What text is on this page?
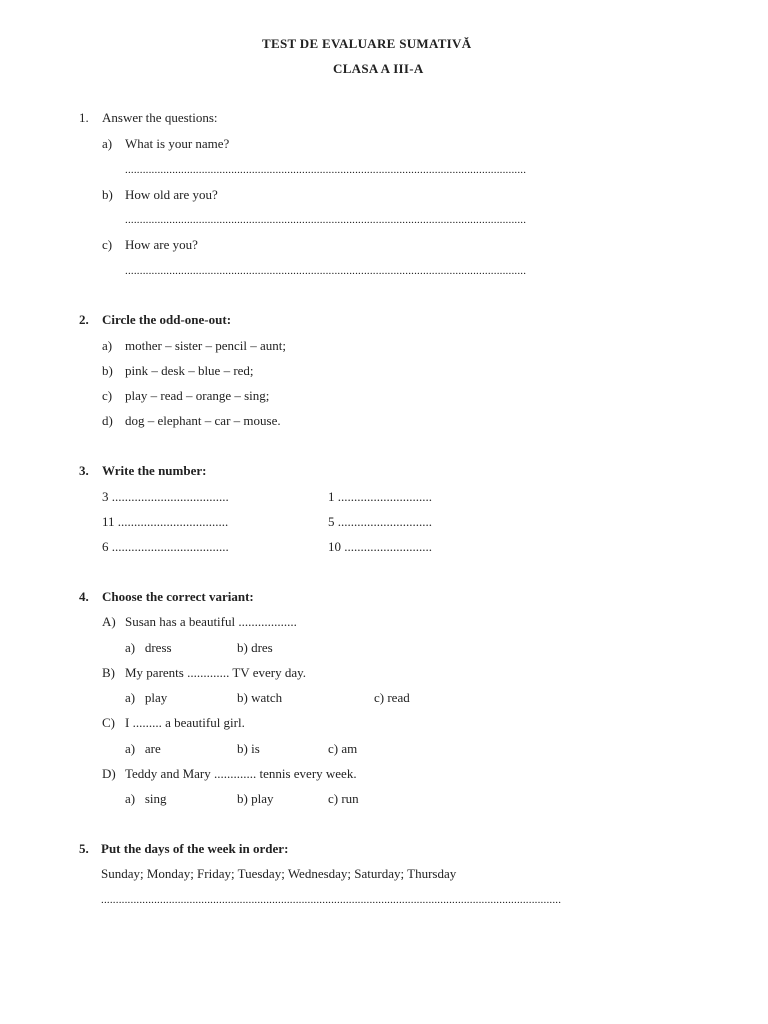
TEST DE EVALUARE SUMATIVĂ
CLASA A III-A
1. Answer the questions:
a) What is your name?
........................................................................................................................................
b) How old are you?
........................................................................................................................................
c) How are you?
........................................................................................................................................
2. Circle the odd-one-out:
a) mother – sister – pencil – aunt;
b) pink – desk – blue – red;
c) play – read – orange – sing;
d) dog – elephant – car – mouse.
3. Write the number:
3 ....................................	1 .............................
11 ..................................	5 .............................
6 ....................................	10 ...........................
4. Choose the correct variant:
A) Susan has a beautiful ..................
a)   dress	b) dres
B) My parents ............. TV every day.
a)   play	b) watch	c) read
C) I ......... a beautiful girl.
a)   are	b) is	c) am
D) Teddy and Mary ............. tennis every week.
a)   sing	b) play	c) run
5. Put the days of the week in order:
Sunday; Monday; Friday; Tuesday; Wednesday; Saturday; Thursday
............................................................................................................................................................
